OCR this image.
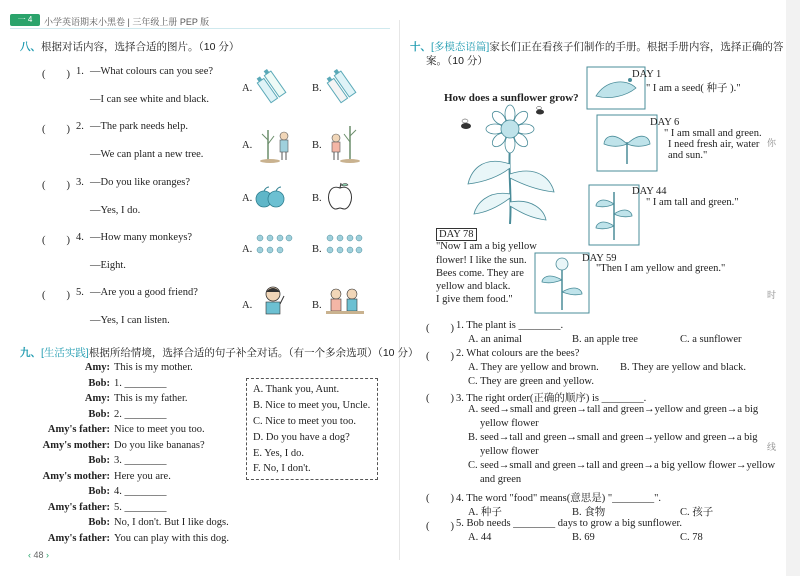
一 4	小学英语期末小黑卷 | 三年级上册 PEP 版
八、根据对话内容，选择合适的图片。（10 分）
(　　) 1. —What colours can you see?
—I can see white and black.
(　　) 2. —The park needs help.
—We can plant a new tree.
(　　) 3. —Do you like oranges?
—Yes, I do.
(　　) 4. —How many monkeys?
—Eight.
(　　) 5. —Are you a good friend?
—Yes, I can listen.
A.	B.
A.	B.
A.	B.
A.	B.
A.	B.
九、[生活实践]根据所给情境，选择合适的句子补全对话。（有一个多余选项）（10 分）
Amy: This is my mother.
Bob: 1. ________
Amy: This is my father.
Bob: 2. ________
Amy's father: Nice to meet you too.
Amy's mother: Do you like bananas?
Bob: 3. ________
Amy's mother: Here you are.
Bob: 4. ________
Amy's father: 5. ________
Bob: No, I don't. But I like dogs.
Amy's father: You can play with this dog.
A. Thank you, Aunt.
B. Nice to meet you, Uncle.
C. Nice to meet you too.
D. Do you have a dog?
E. Yes, I do.
F. No, I don't.
‹ 48 ›
十、[多模态语篇]家长们正在看孩子们制作的手册。根据手册内容，选择正确的答
案。（10 分）
How does a sunflower grow?
DAY 1
" I am a seed( 种子 )."
DAY 6
" I am small and green.
I need fresh air, water
and sun."
DAY 44
" I am tall and green."
DAY 59
"Then I am yellow and green."
DAY 78
"Now I am a big yellow
flower! I like the sun.
Bees come. They are
yellow and black.
I give them food."
(　　) 1. The plant is ________.
A. an animal	B. an apple tree	C. a sunflower
(　　) 2. What colours are the bees?
A. They are yellow and brown. B. They are yellow and black.
C. They are green and yellow.
(　　) 3. The right order(正确的顺序) is ________.
A. seed→small and green→tall and green→yellow and green→a big
yellow flower
B. seed→tall and green→small and green→yellow and green→a big
yellow flower
C. seed→small and green→tall and green→a big yellow flower→yellow
and green
(　　) 4. The word "food" means(意思是) "________".
A. 种子	B. 食物	C. 孩子
(　　) 5. Bob needs ________ days to grow a big sunflower.
A. 44	B. 69	C. 78
你
时
线
